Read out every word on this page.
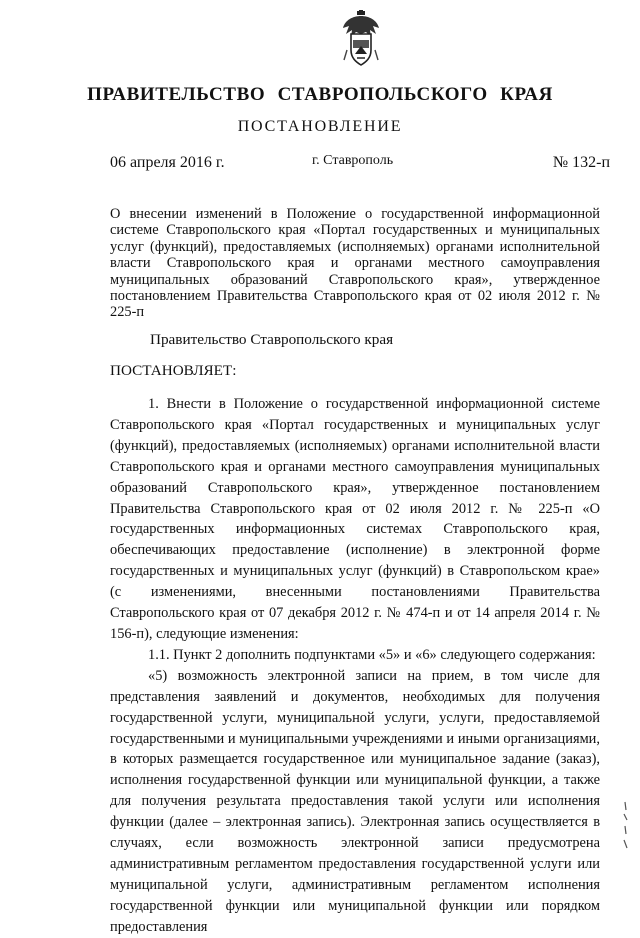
ПРАВИТЕЛЬСТВО СТАВРОПОЛЬСКОГО КРАЯ
ПОСТАНОВЛЕНИЕ
06 апреля 2016 г.	г. Ставрополь	№ 132-п
О внесении изменений в Положение о государственной информационной системе Ставропольского края «Портал государственных и муниципальных услуг (функций), предоставляемых (исполняемых) органами исполнительной власти Ставропольского края и органами местного самоуправления муниципальных образований Ставропольского края», утвержденное постановлением Правительства Ставропольского края от 02 июля 2012 г. № 225-п
Правительство Ставропольского края
ПОСТАНОВЛЯЕТ:

1. Внести в Положение о государственной информационной системе Ставропольского края «Портал государственных и муниципальных услуг (функций), предоставляемых (исполняемых) органами исполнительной власти Ставропольского края и органами местного самоуправления муниципальных образований Ставропольского края», утвержденное постановлением Правительства Ставропольского края от 02 июля 2012 г. № 225-п «О государственных информационных системах Ставропольского края, обеспечивающих предоставление (исполнение) в электронной форме государственных и муниципальных услуг (функций) в Ставропольском крае» (с изменениями, внесенными постановлениями Правительства Ставропольского края от 07 декабря 2012 г. № 474-п и от 14 апреля 2014 г. № 156-п), следующие изменения:

1.1. Пункт 2 дополнить подпунктами «5» и «6» следующего содержания:

«5) возможность электронной записи на прием, в том числе для представления заявлений и документов, необходимых для получения государственной услуги, муниципальной услуги, услуги, предоставляемой государственными и муниципальными учреждениями и иными организациями, в которых размещается государственное или муниципальное задание (заказ), исполнения государственной функции или муниципальной функции, а также для получения результата предоставления такой услуги или исполнения функции (далее – электронная запись). Электронная запись осуществляется в случаях, если возможность электронной записи предусмотрена административным регламентом предоставления государственной услуги или муниципальной услуги, административным регламентом исполнения государственной функции или муниципальной функции или порядком предоставления
